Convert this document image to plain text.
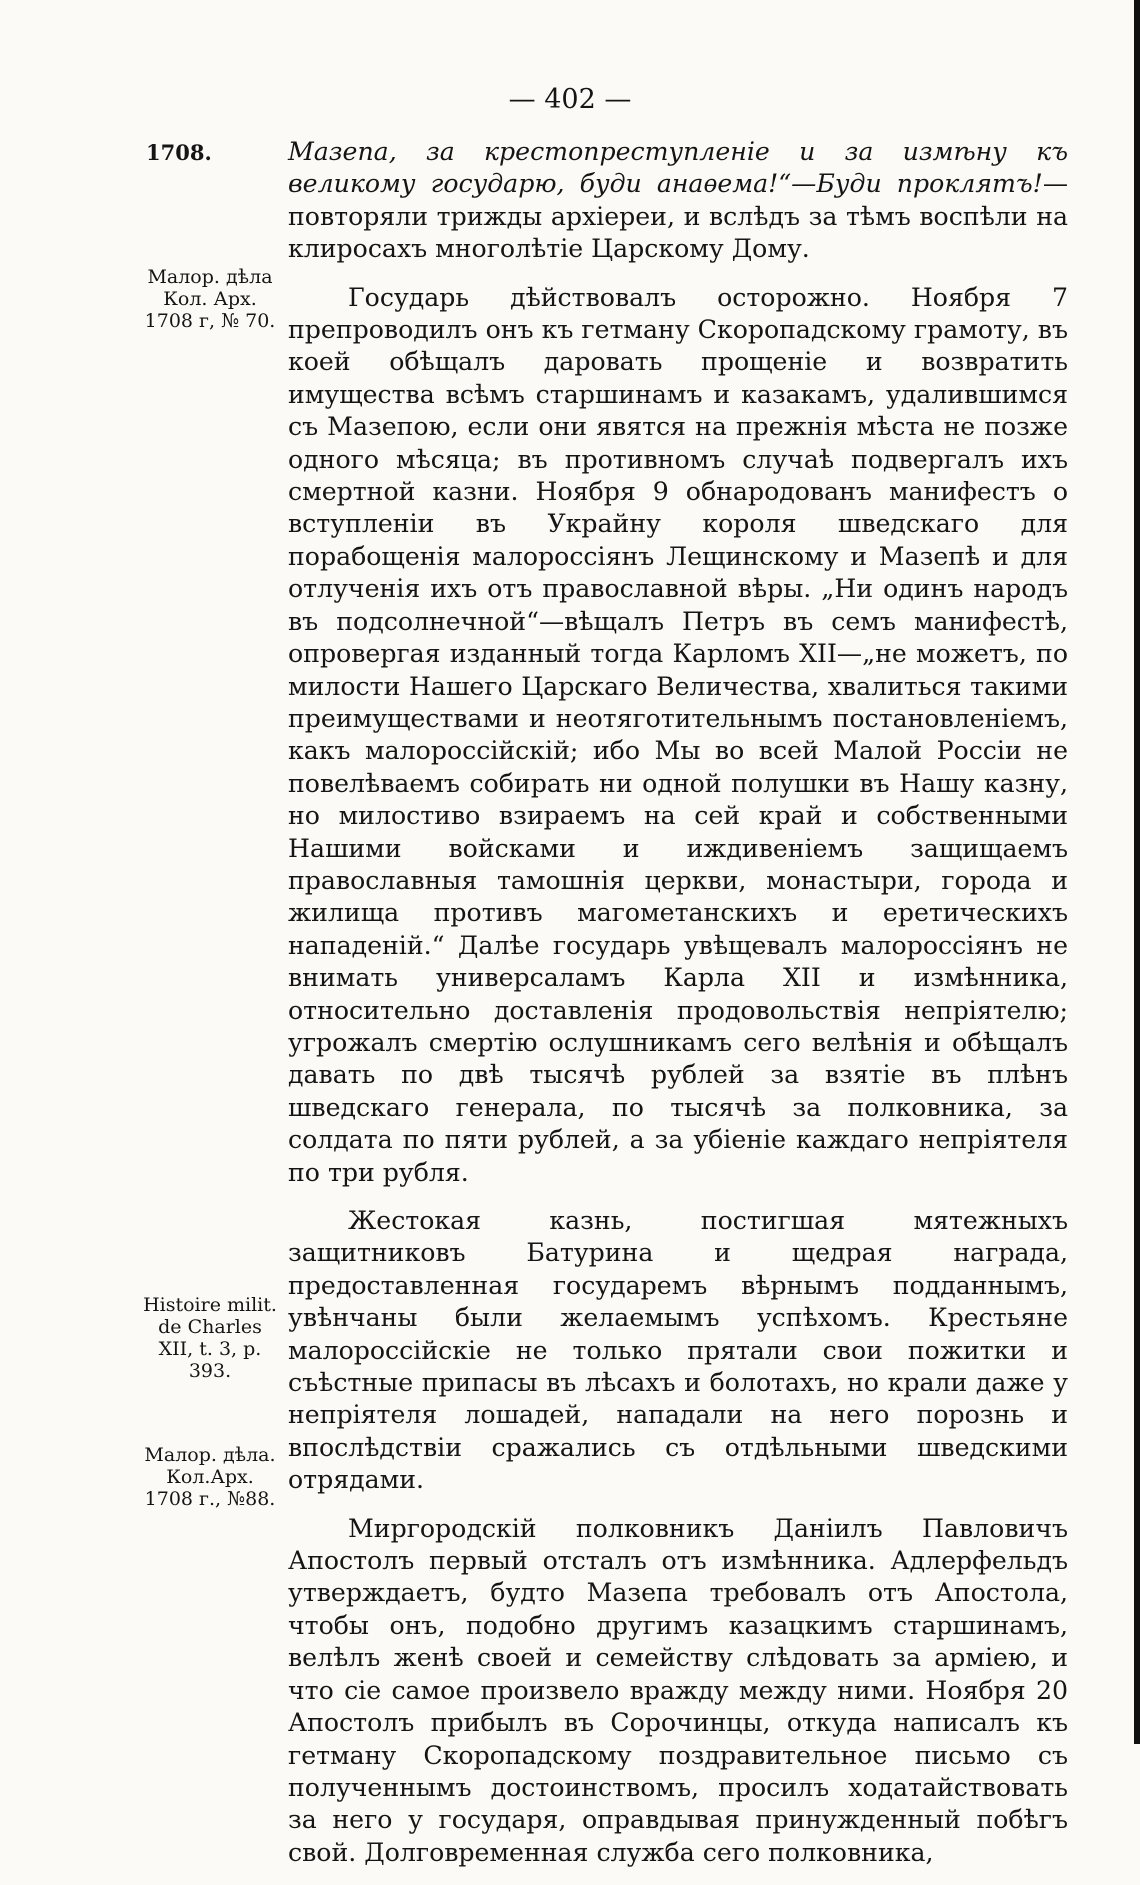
— 402 —
1708.
Малор. дѣла Кол. Арх. 1708 г, № 70.
Histoire milit. de Charles XII, t. 3, p. 393.
Малор. дѣла. Кол.Арх. 1708 г., №88.

Мазепа, за крестопреступленіе и за измѣну къ великому государю, буди анаѳема!“—Буди проклятъ!—повторяли трижды архіереи, и вслѣдъ за тѣмъ воспѣли на клиросахъ многолѣтіе Царскому Дому.

Государь дѣйствовалъ осторожно. Ноября 7 препроводилъ онъ къ гетману Скоропадскому грамоту, въ коей обѣщалъ даровать прощеніе и возвратить имущества всѣмъ старшинамъ и казакамъ, удалившимся съ Мазепою, если они явятся на прежнія мѣста не позже одного мѣсяца; въ противномъ случаѣ подвергалъ ихъ смертной казни. Ноября 9 обнародованъ манифестъ о вступленіи въ Украйну короля шведскаго для порабощенія малороссіянъ Лещинскому и Мазепѣ и для отлученія ихъ отъ православной вѣры. „Ни одинъ народъ въ подсолнечной“—вѣщалъ Петръ въ семъ манифестѣ, опровергая изданный тогда Карломъ XII—„не можетъ, по милости Нашего Царскаго Величества, хвалиться такими преимуществами и неотяготительнымъ постановленіемъ, какъ малороссійскій; ибо Мы во всей Малой Россіи не повелѣваемъ собирать ни одной полушки въ Нашу казну, но милостиво взираемъ на сей край и собственными Нашими войсками и иждивеніемъ защищаемъ православныя тамошнія церкви, монастыри, города и жилища противъ магометанскихъ и еретическихъ нападеній.“ Далѣе государь увѣщевалъ малороссіянъ не внимать универсаламъ Карла XII и измѣнника, относительно доставленія продовольствія непріятелю; угрожалъ смертію ослушникамъ сего велѣнія и обѣщалъ давать по двѣ тысячѣ рублей за взятіе въ плѣнъ шведскаго генерала, по тысячѣ за полковника, за солдата по пяти рублей, а за убіеніе каждаго непріятеля по три рубля.

Жестокая казнь, постигшая мятежныхъ защитниковъ Батурина и щедрая награда, предоставленная государемъ вѣрнымъ подданнымъ, увѣнчаны были желаемымъ успѣхомъ. Крестьяне малороссійскіе не только прятали свои пожитки и съѣстные припасы въ лѣсахъ и болотахъ, но крали даже у непріятеля лошадей, нападали на него порознь и впослѣдствіи сражались съ отдѣльными шведскими отрядами.

Миргородскій полковникъ Даніилъ Павловичъ Апостолъ первый отсталъ отъ измѣнника. Адлерфельдъ утверждаетъ, будто Мазепа требовалъ отъ Апостола, чтобы онъ, подобно другимъ казацкимъ старшинамъ, велѣлъ женѣ своей и семейству слѣдовать за арміею, и что сіе самое произвело вражду между ними. Ноября 20 Апостолъ прибылъ въ Сорочинцы, откуда написалъ къ гетману Скоропадскому поздравительное письмо съ полученнымъ достоинствомъ, просилъ ходатайствовать за него у государя, оправдывая принужденный побѣгъ свой. Долговременная служба сего полковника,
